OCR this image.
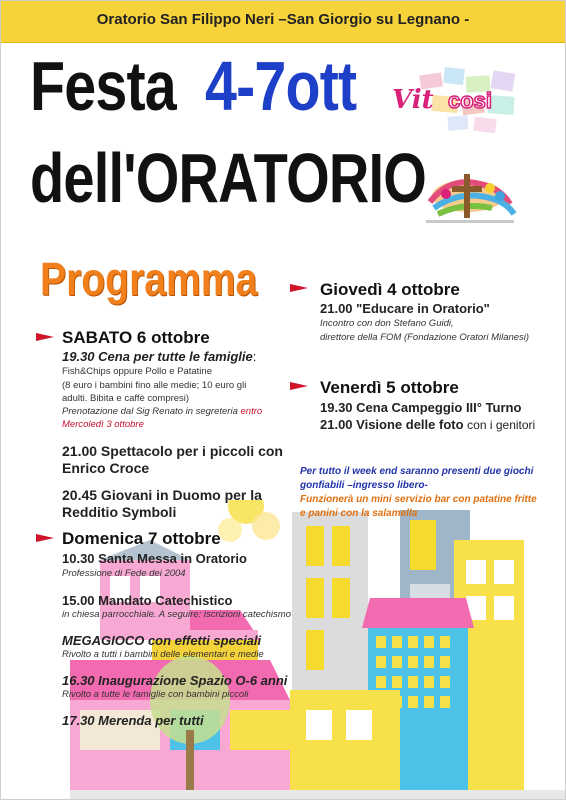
Oratorio San Filippo Neri –San Giorgio su Legnano -
Festa 4-7ott
dell'ORATORIO
Vit cosi
Programma	Giovedì 4 ottobre
21.00 "Educare in Oratorio"
Incontro con don Stefano Guidi,
direttore della FOM (Fondazione Oratori Milanesi)
Venerdì 5 ottobre
19.30 Cena Campeggio III° Turno
21.00 Visione delle foto con i genitori
Per tutto il week end saranno presenti due giochi
gonfiabili –ingresso libero-
Funzionerà un mini servizio bar con patatine fritte
e panini con la salamella
SABATO 6 ottobre
19.30 Cena per tutte le famiglie:
Fish&Chips oppure Pollo e Patatine
(8 euro i bambini fino alle medie; 10 euro gli
adulti. Bibita e caffè compresi)
Prenotazione dal Sig Renato in segreteria entro
Mercoledì 3 ottobre
21.00 Spettacolo per i piccoli con
Enrico Croce
20.45 Giovani in Duomo per la
Redditio Symboli
Domenica 7 ottobre
10.30 Santa Messa in Oratorio
Professione di Fede dei 2004
15.00 Mandato Catechistico
in chiesa parrocchiale. A seguire: iscrizioni catechismo
MEGAGIOCO con effetti speciali
Rivolto a tutti i bambini delle elementari e medie
16.30 Inaugurazione Spazio O-6 anni
Rivolto a tutte le famiglie con bambini piccoli
17.30 Merenda per tutti
